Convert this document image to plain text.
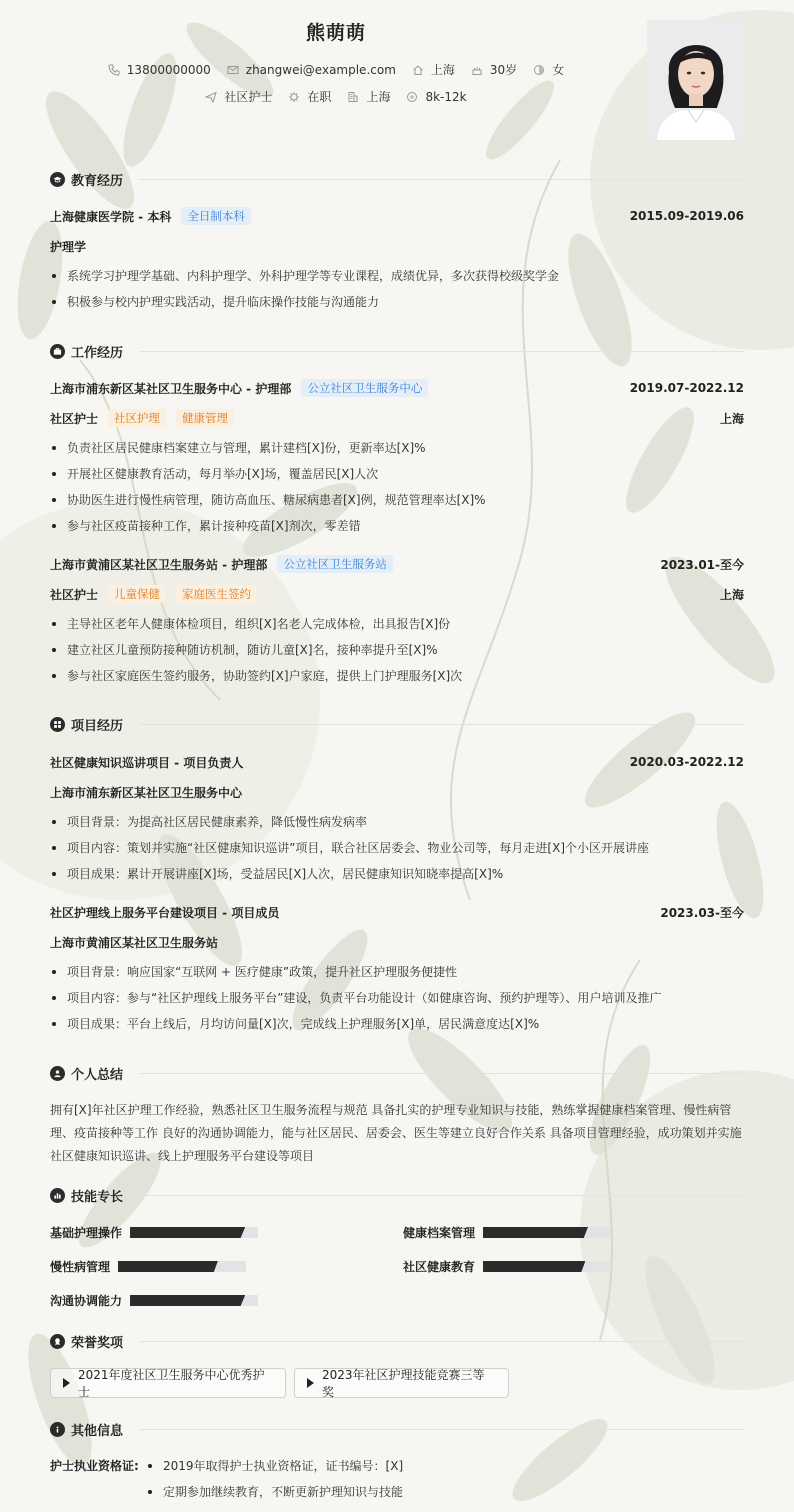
熊萌萌
13800000000	zhangwei@example.com	上海	30岁	女
社区护士	在职	上海	8k-12k
教育经历
上海健康医学院 - 本科	全日制本科	2015.09-2019.06
护理学
系统学习护理学基础、内科护理学、外科护理学等专业课程，成绩优异，多次获得校级奖学金
积极参与校内护理实践活动，提升临床操作技能与沟通能力
工作经历
上海市浦东新区某社区卫生服务中心 - 护理部	公立社区卫生服务中心	2019.07-2022.12
社区护士	社区护理	健康管理	上海
负责社区居民健康档案建立与管理，累计建档[X]份，更新率达[X]%
开展社区健康教育活动，每月举办[X]场，覆盖居民[X]人次
协助医生进行慢性病管理，随访高血压、糖尿病患者[X]例，规范管理率达[X]%
参与社区疫苗接种工作，累计接种疫苗[X]剂次，零差错
上海市黄浦区某社区卫生服务站 - 护理部	公立社区卫生服务站	2023.01-至今
社区护士	儿童保健	家庭医生签约	上海
主导社区老年人健康体检项目，组织[X]名老人完成体检，出具报告[X]份
建立社区儿童预防接种随访机制，随访儿童[X]名，接种率提升至[X]%
参与社区家庭医生签约服务，协助签约[X]户家庭，提供上门护理服务[X]次
项目经历
社区健康知识巡讲项目 - 项目负责人	2020.03-2022.12
上海市浦东新区某社区卫生服务中心
项目背景：为提高社区居民健康素养，降低慢性病发病率
项目内容：策划并实施“社区健康知识巡讲”项目，联合社区居委会、物业公司等，每月走进[X]个小区开展讲座
项目成果：累计开展讲座[X]场，受益居民[X]人次，居民健康知识知晓率提高[X]%
社区护理线上服务平台建设项目 - 项目成员	2023.03-至今
上海市黄浦区某社区卫生服务站
项目背景：响应国家“互联网 + 医疗健康”政策，提升社区护理服务便捷性
项目内容：参与“社区护理线上服务平台”建设，负责平台功能设计（如健康咨询、预约护理等）、用户培训及推广
项目成果：平台上线后，月均访问量[X]次，完成线上护理服务[X]单，居民满意度达[X]%
个人总结
拥有[X]年社区护理工作经验，熟悉社区卫生服务流程与规范 具备扎实的护理专业知识与技能，熟练掌握健康档案管理、慢性病管
理、疫苗接种等工作 良好的沟通协调能力，能与社区居民、居委会、医生等建立良好合作关系 具备项目管理经验，成功策划并实施
社区健康知识巡讲、线上护理服务平台建设等项目
技能专长
基础护理操作	健康档案管理
慢性病管理	社区健康教育
沟通协调能力
荣誉奖项
2021年度社区卫生服务中心优秀护士
2023年社区护理技能竞赛三等奖
其他信息
护士执业资格证:	2019年取得护士执业资格证，证书编号：[X]
定期参加继续教育，不断更新护理知识与技能
